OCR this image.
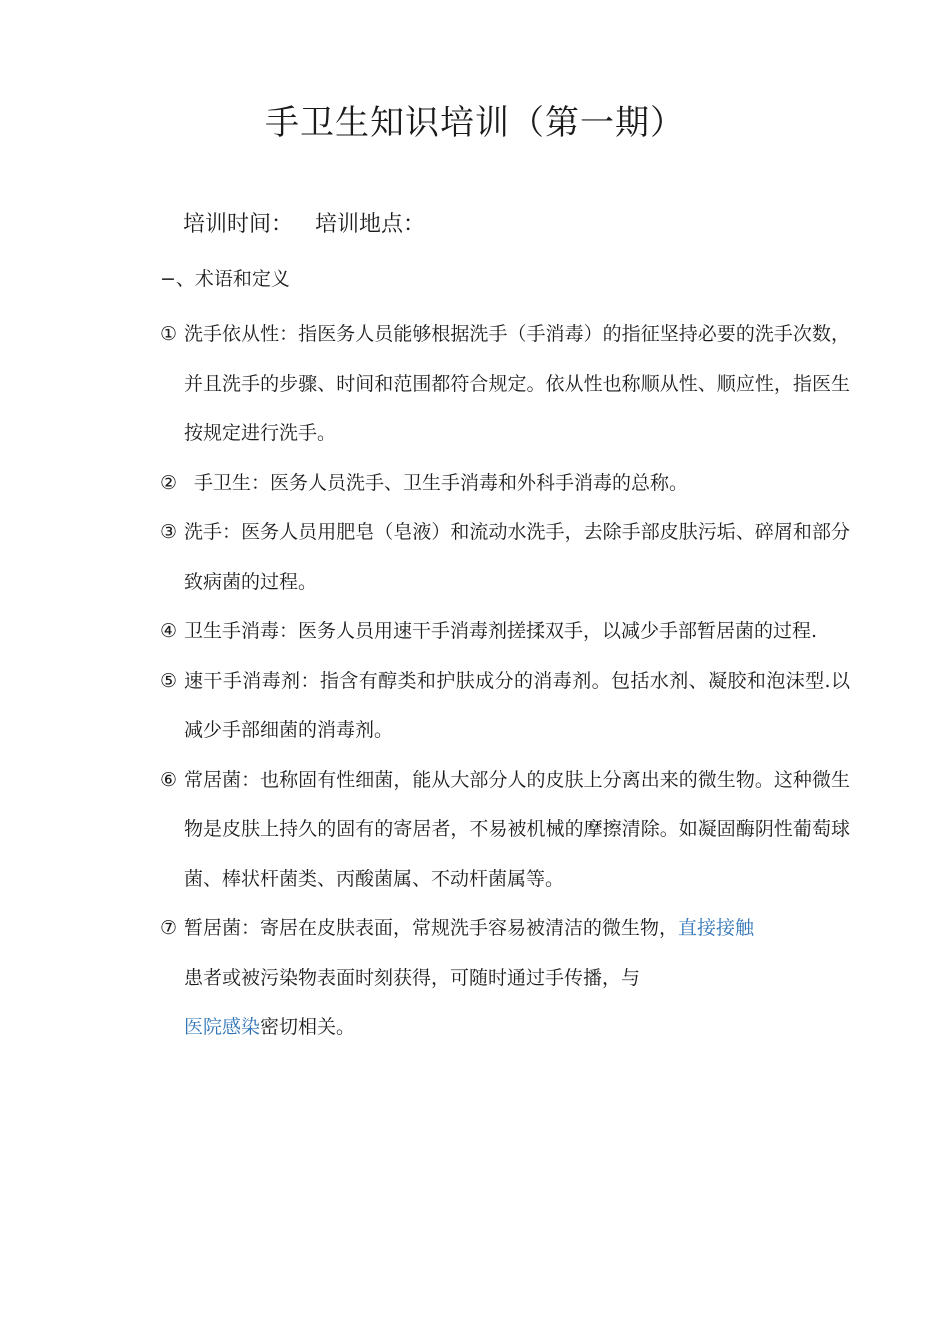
手卫生知识培训（第一期）
培训时间： 培训地点：
−、术语和定义
① 洗手依从性：指医务人员能够根据洗手（手消毒）的指征坚持必要的洗手次数，并且洗手的步骤、时间和范围都符合规定。依从性也称顺从性、顺应性，指医生按规定进行洗手。
② 手卫生：医务人员洗手、卫生手消毒和外科手消毒的总称。
③ 洗手：医务人员用肥皂（皂液）和流动水洗手，去除手部皮肤污垢、碎屑和部分致病菌的过程。
④ 卫生手消毒：医务人员用速干手消毒剂搓揉双手，以减少手部暂居菌的过程.
⑤ 速干手消毒剂：指含有醇类和护肤成分的消毒剂。包括水剂、凝胶和泡沫型.以减少手部细菌的消毒剂。
⑥ 常居菌：也称固有性细菌，能从大部分人的皮肤上分离出来的微生物。这种微生物是皮肤上持久的固有的寄居者，不易被机械的摩擦清除。如凝固酶阴性葡萄球菌、棒状杆菌类、丙酸菌属、不动杆菌属等。
⑦ 暂居菌：寄居在皮肤表面，常规洗手容易被清洁的微生物，直接接触
患者或被污染物表面时刻获得，可随时通过手传播，与
医院感染密切相关。
